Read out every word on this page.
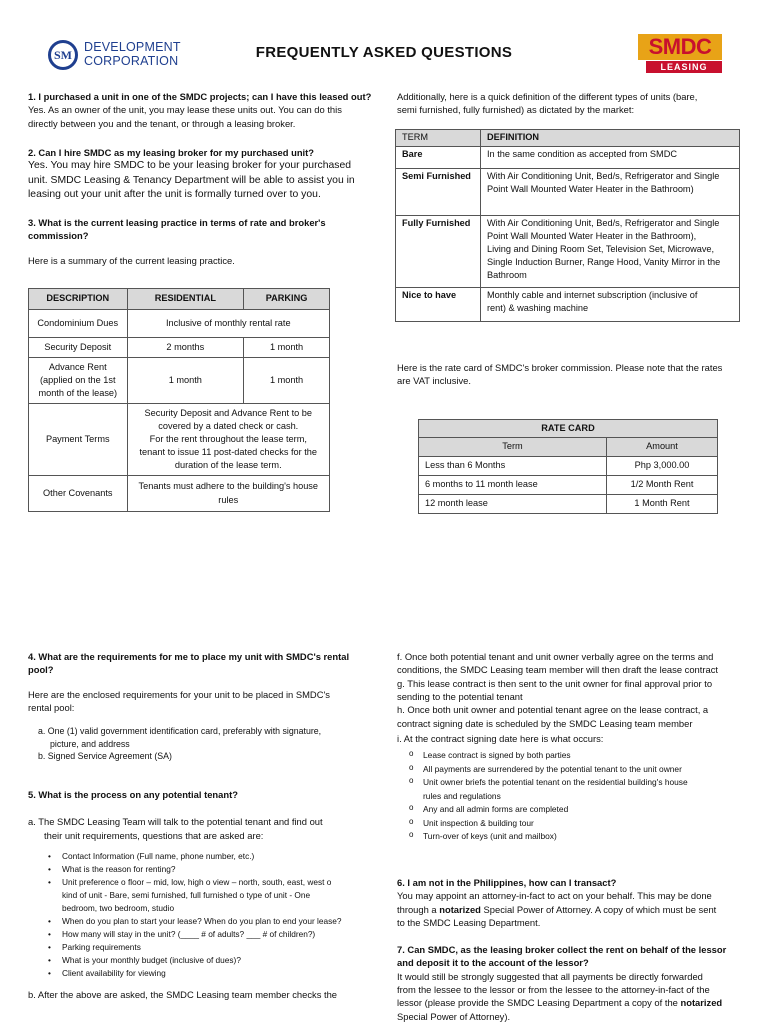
SM
DEVELOPMENT
CORPORATION	FREQUENTLY ASKED QUESTIONS	SMDC
LEASING

1. I purchased a unit in one of the SMDC projects; can I have this leased out?

Yes. As an owner of the unit, you may lease these units out. You can do this

directly between you and the tenant, or through a leasing broker.

2. Can I hire SMDC as my leasing broker for my purchased unit?

Yes. You may hire SMDC to be your leasing broker for your purchased

unit. SMDC Leasing & Tenancy Department will be able to assist you in

leasing out your unit after the unit is formally turned over to you.

3. What is the current leasing practice in terms of rate and broker's

commission?

Here is a summary of the current leasing practice.

DESCRIPTION	RESIDENTIAL	PARKING
Condominium Dues	Inclusive of monthly rental rate	
Security Deposit	2 months	1 month

Advance Rent
(applied on the 1st
month of the lease)	1 month	1 month
Payment Terms	Security Deposit and Advance Rent to be
covered by a dated check or cash.
For the rent throughout the lease term,
tenant to issue 11 post-dated checks for the
duration of the lease term.	

Other Covenants	Tenants must adhere to the building's house
rules	

Additionally, here is a quick definition of the different types of units (bare,

semi furnished, fully furnished) as dictated by the market:

TERM	DEFINITION
Bare	In the same condition as accepted from SMDC
Semi Furnished	With Air Conditioning Unit, Bed/s, Refrigerator and Single
Point Wall Mounted Water Heater in the Bathroom)

Fully Furnished	With Air Conditioning Unit, Bed/s, Refrigerator and Single
Point Wall Mounted Water Heater in the Bathroom),
Living and Dining Room Set, Television Set, Microwave,
Single Induction Burner, Range Hood, Vanity Mirror in the
Bathroom

Nice to have	Monthly cable and internet subscription (inclusive of
rent) & washing machine

Here is the rate card of SMDC's broker commission. Please note that the rates

are VAT inclusive.

RATE CARD	
Term	Amount
Less than 6 Months	Php 3,000.00
6 months to 11 month lease	1/2 Month Rent
12 month lease	1 Month Rent

4. What are the requirements for me to place my unit with SMDC's rental

pool?

Here are the enclosed requirements for your unit to be placed in SMDC's

rental pool:

a. One (1) valid government identification card, preferably with signature,

picture, and address

b. Signed Service Agreement (SA)

5. What is the process on any potential tenant?

a. The SMDC Leasing Team will talk to the potential tenant and find out

their unit requirements, questions that are asked are:

• Contact Information (Full name, phone number, etc.)
• What is the reason for renting?
• Unit preference o floor – mid, low, high o view – north, south, east, west o
kind of unit - Bare, semi furnished, full furnished o type of unit - One
bedroom, two bedroom, studio
• When do you plan to start your lease? When do you plan to end your lease?
• How many will stay in the unit? (____ # of adults? ___ # of children?)
• Parking requirements
• What is your monthly budget (inclusive of dues)?
• Client availability for viewing

b. After the above are asked, the SMDC Leasing team member checks the

f. Once both potential tenant and unit owner verbally agree on the terms and

conditions, the SMDC Leasing team member will then draft the lease contract

g. This lease contract is then sent to the unit owner for final approval prior to

sending to the potential tenant

h. Once both unit owner and potential tenant agree on the lease contract, a

contract signing date is scheduled by the SMDC Leasing team member

i. At the contract signing date here is what occurs:

o Lease contract is signed by both parties
o All payments are surrendered by the potential tenant to the unit owner
o Unit owner briefs the potential tenant on the residential building's house
rules and regulations
o Any and all admin forms are completed
o Unit inspection & building tour
o Turn-over of keys (unit and mailbox)

6. I am not in the Philippines, how can I transact?

You may appoint an attorney-in-fact to act on your behalf. This may be done

through a notarized Special Power of Attorney. A copy of which must be sent

to the SMDC Leasing Department.

7. Can SMDC, as the leasing broker collect the rent on behalf of the lessor

and deposit it to the account of the lessor?

It would still be strongly suggested that all payments be directly forwarded

from the lessee to the lessor or from the lessee to the attorney-in-fact of the

lessor (please provide the SMDC Leasing Department a copy of the notarized

Special Power of Attorney).
